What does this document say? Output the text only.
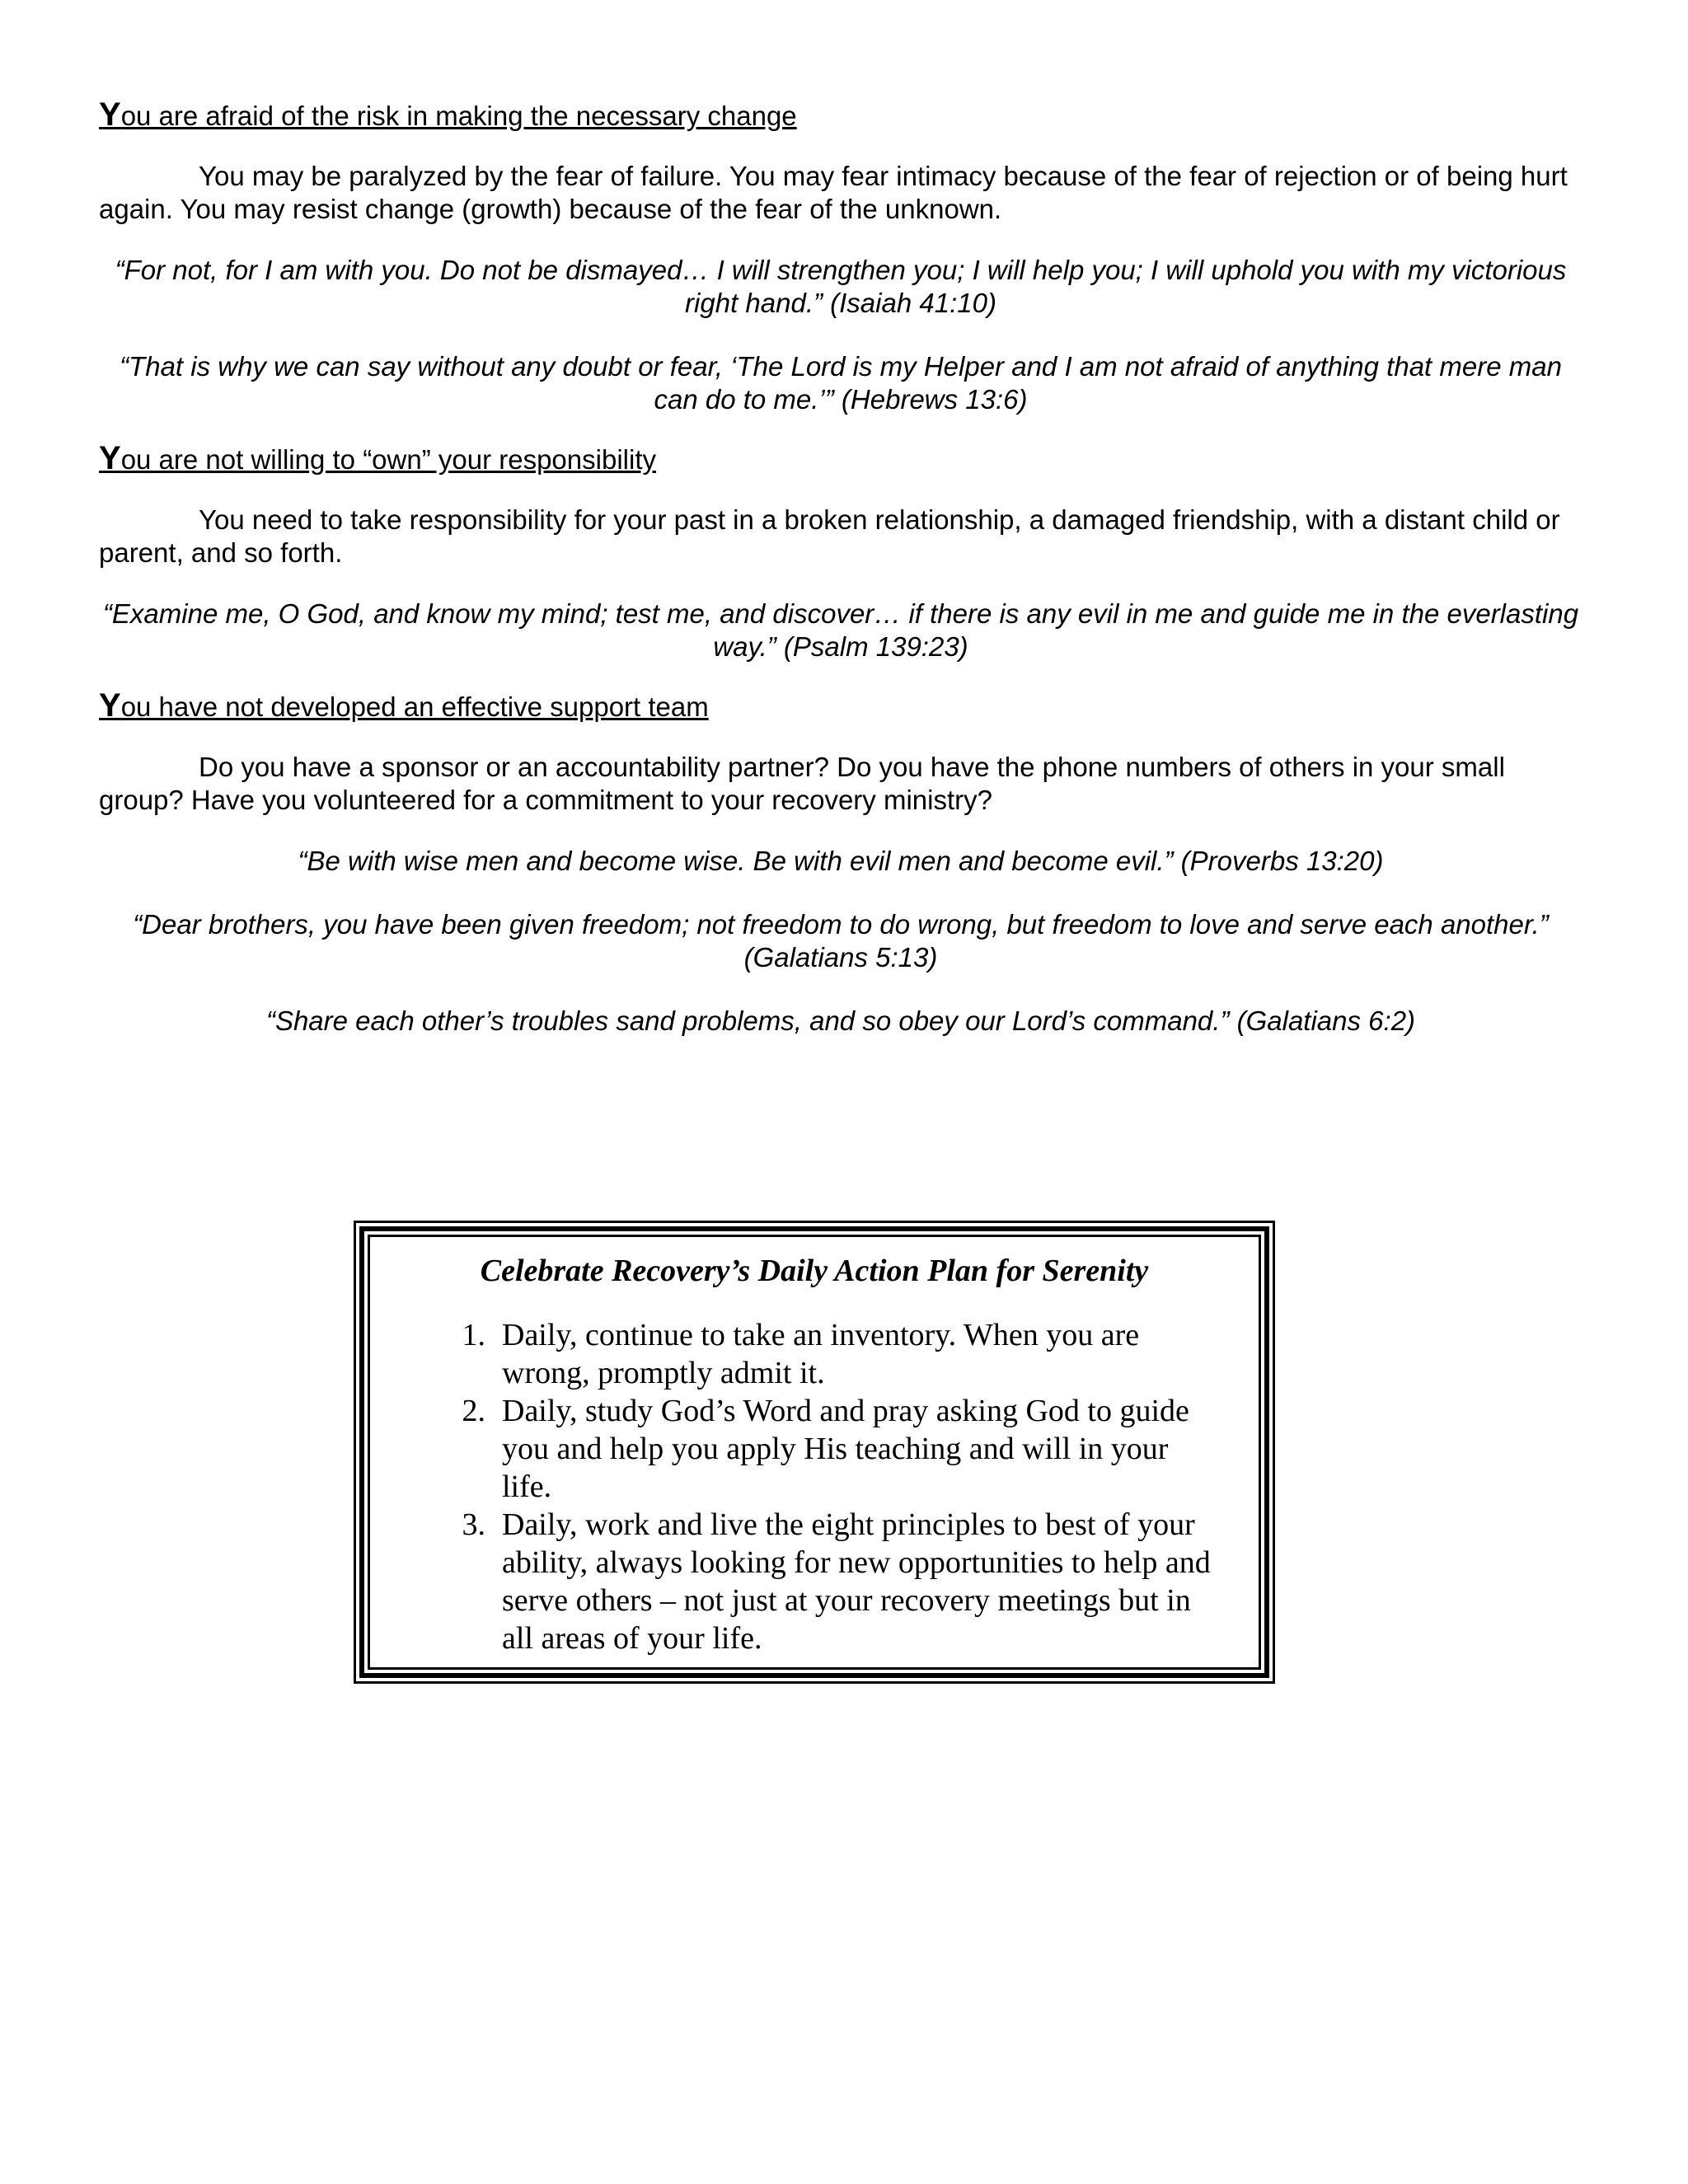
You are afraid of the risk in making the necessary change

You may be paralyzed by the fear of failure. You may fear intimacy because of the fear of rejection or of being hurt again. You may resist change (growth) because of the fear of the unknown.

“For not, for I am with you. Do not be dismayed… I will strengthen you; I will help you; I will uphold you with my victorious right hand.” (Isaiah 41:10)

“That is why we can say without any doubt or fear, ‘The Lord is my Helper and I am not afraid of anything that mere man can do to me.’” (Hebrews 13:6)

You are not willing to “own” your responsibility

You need to take responsibility for your past in a broken relationship, a damaged friendship, with a distant child or parent, and so forth.

“Examine me, O God, and know my mind; test me, and discover… if there is any evil in me and guide me in the everlasting way.” (Psalm 139:23)

You have not developed an effective support team

Do you have a sponsor or an accountability partner? Do you have the phone numbers of others in your small group? Have you volunteered for a commitment to your recovery ministry?

“Be with wise men and become wise. Be with evil men and become evil.” (Proverbs 13:20)

“Dear brothers, you have been given freedom; not freedom to do wrong, but freedom to love and serve each another.” (Galatians 5:13)

“Share each other’s troubles sand problems, and so obey our Lord’s command.” (Galatians 6:2)

Celebrate Recovery’s Daily Action Plan for Serenity
1. Daily, continue to take an inventory. When you are wrong, promptly admit it.
2. Daily, study God’s Word and pray asking God to guide you and help you apply His teaching and will in your life.
3. Daily, work and live the eight principles to best of your ability, always looking for new opportunities to help and serve others – not just at your recovery meetings but in all areas of your life.
